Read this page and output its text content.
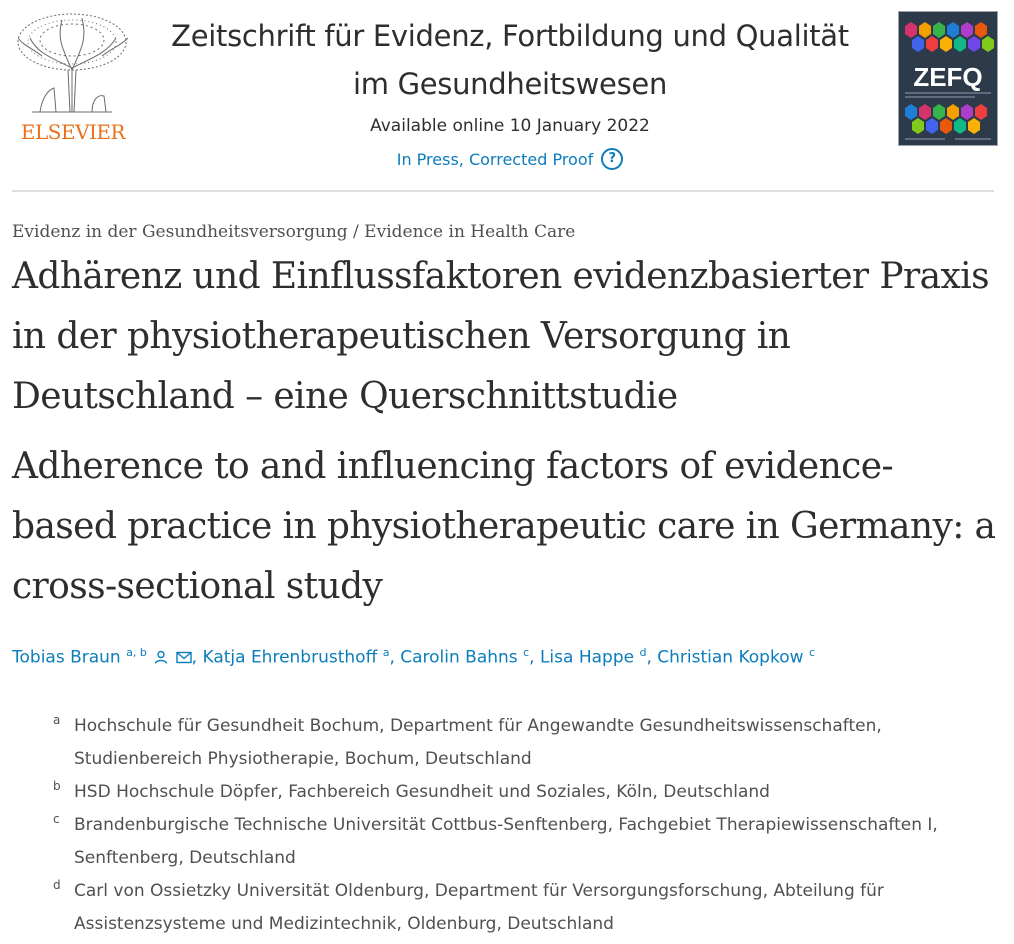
ELSEVIER
Zeitschrift für Evidenz, Fortbildung und Qualität
im Gesundheitswesen
Available online 10 January 2022
In Press, Corrected Proof	?
ZEFQ
Evidenz in der Gesundheitsversorgung / Evidence in Health Care
Adhärenz und Einflussfaktoren evidenzbasierter Praxis in der physiotherapeutischen Versorgung in Deutschland – eine Querschnittstudie
Adherence to and influencing factors of evidence-based practice in physiotherapeutic care in Germany: a cross-sectional study
Tobias Braun $^{a, b}$	, Katja Ehrenbrusthoff $^a$, Carolin Bahns $^c$, Lisa Happe $^d$, Christian Kopkow $^c$
a Hochschule für Gesundheit Bochum, Department für Angewandte Gesundheitswissenschaften,
Studienbereich Physiotherapie, Bochum, Deutschland
b HSD Hochschule Döpfer, Fachbereich Gesundheit und Soziales, Köln, Deutschland
c Brandenburgische Technische Universität Cottbus-Senftenberg, Fachgebiet Therapiewissenschaften I,
Senftenberg, Deutschland
d Carl von Ossietzky Universität Oldenburg, Department für Versorgungsforschung, Abteilung für
Assistenzsysteme und Medizintechnik, Oldenburg, Deutschland
